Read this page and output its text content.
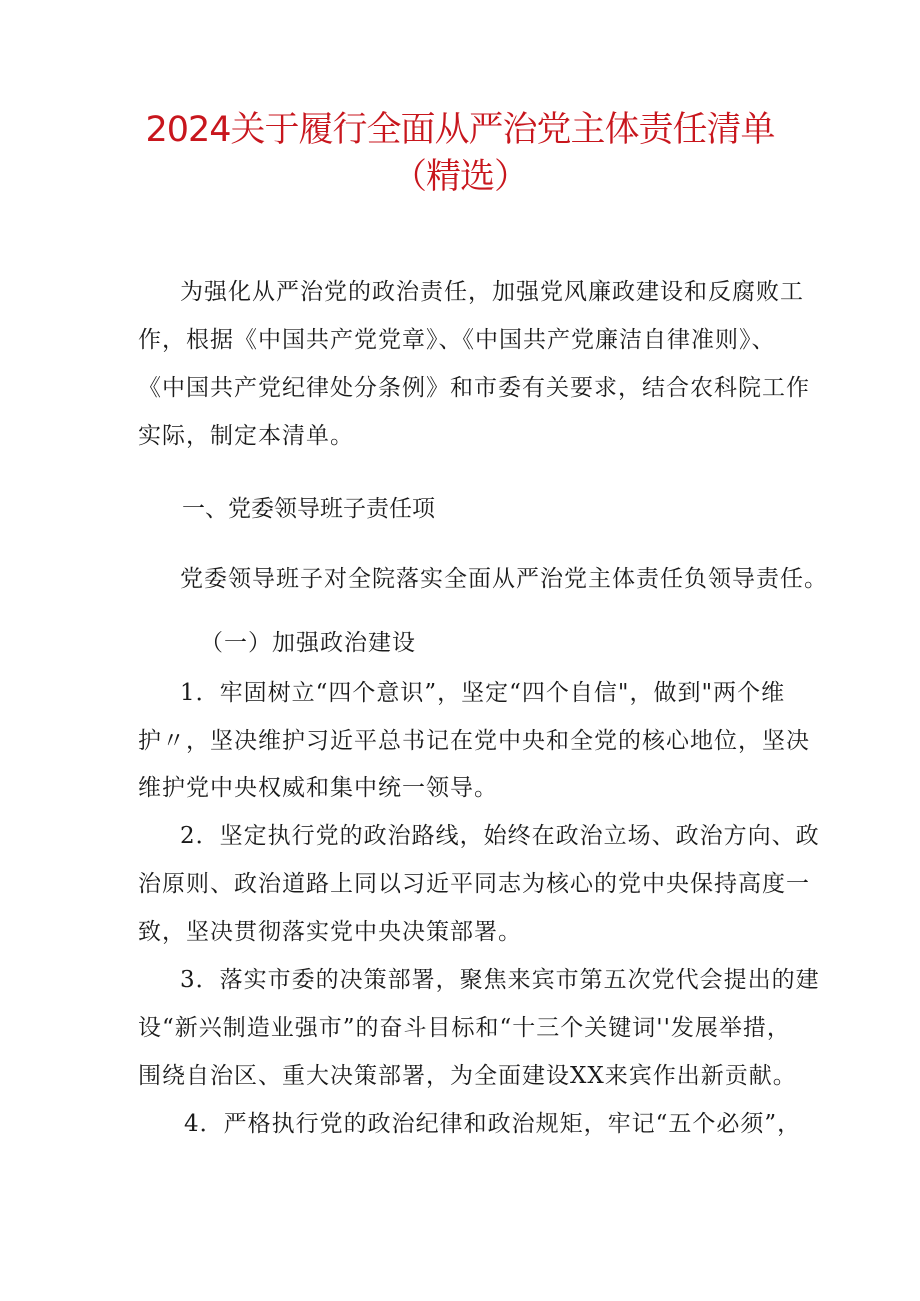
2024关于履行全面从严治党主体责任清单
（精选）
为强化从严治党的政治责任，加强党风廉政建设和反腐败工
作，根据《中国共产党党章》、《中国共产党廉洁自律准则》、
《中国共产党纪律处分条例》和市委有关要求，结合农科院工作
实际，制定本清单。
一、党委领导班子责任项
党委领导班子对全院落实全面从严治党主体责任负领导责任。
（一）加强政治建设
1．牢固树立“四个意识”，坚定“四个自信"，做到"两个维
护〃，坚决维护习近平总书记在党中央和全党的核心地位，坚决
维护党中央权威和集中统一领导。
2．坚定执行党的政治路线，始终在政治立场、政治方向、政
治原则、政治道路上同以习近平同志为核心的党中央保持高度一
致，坚决贯彻落实党中央决策部署。
3．落实市委的决策部署，聚焦来宾市第五次党代会提出的建
设“新兴制造业强市”的奋斗目标和“十三个关键词''发展举措，
围绕自治区、重大决策部署，为全面建设XX来宾作出新贡献。
4．严格执行党的政治纪律和政治规矩，牢记“五个必须”，
